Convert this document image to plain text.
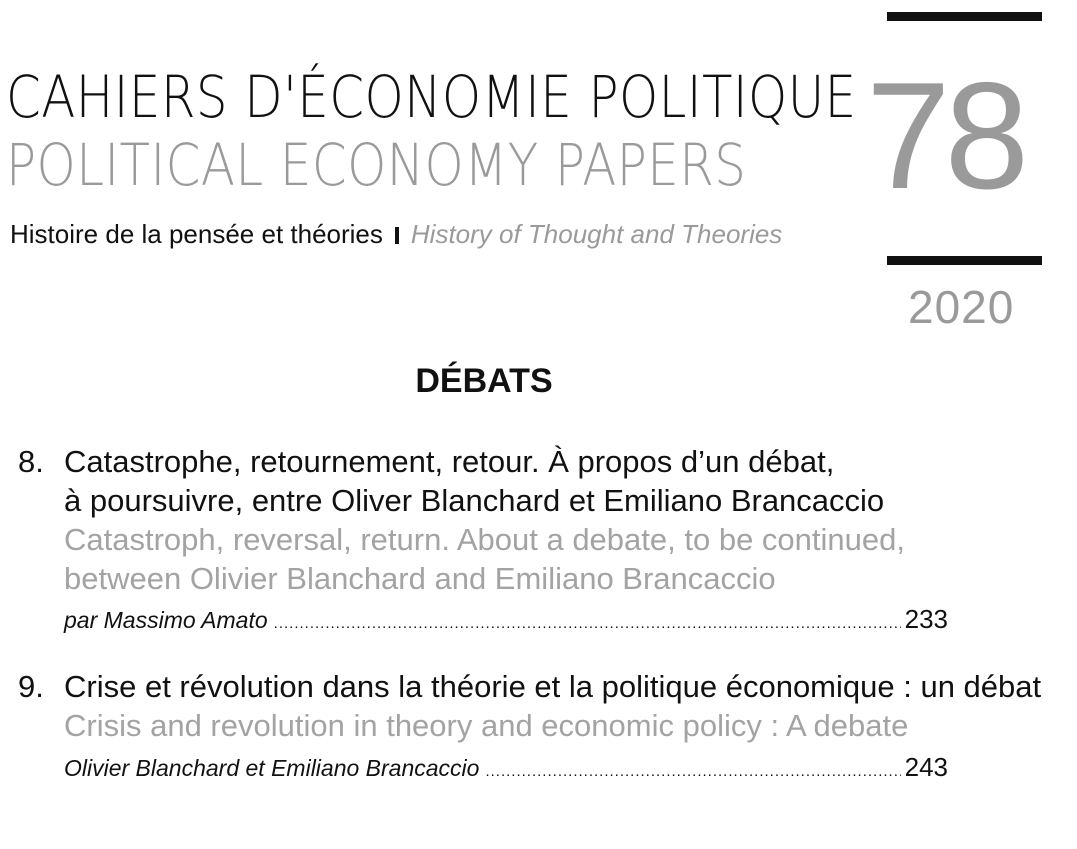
CAHIERS D'ÉCONOMIE POLITIQUE
POLITICAL ECONOMY PAPERS 78
Histoire de la pensée et théories History of Thought and Theories
2020
DÉBATS
8. Catastrophe, retournement, retour. À propos d’un débat,
à poursuivre, entre Oliver Blanchard et Emiliano Brancaccio
Catastroph, reversal, return. About a debate, to be continued,
between Olivier Blanchard and Emiliano Brancaccio
par Massimo Amato .....	233
9. Crise et révolution dans la théorie et la politique économique : un débat
Crisis and revolution in theory and economic policy : A debate
Olivier Blanchard et Emiliano Brancaccio .....	243
